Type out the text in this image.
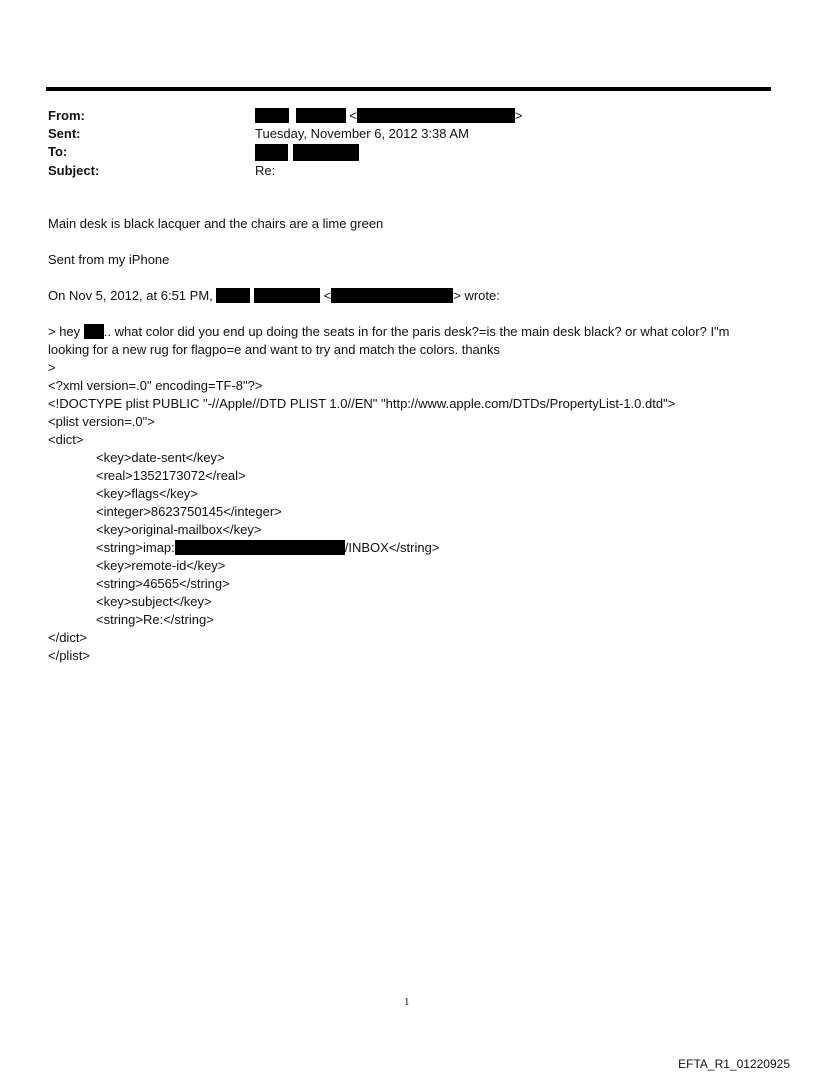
From:	<	>
Sent:	Tuesday, November 6, 2012 3:38 AM
To:

Subject:	Re:
Main desk is black lacquer and the chairs are a lime green
Sent from my iPhone
On Nov 5, 2012, at 6:51 PM,	<	> wrote:
> hey .. what color did you end up doing the seats in for the paris desk?=is the main desk black? or what color? I"m
looking for a new rug for flagpo=e and want to try and match the colors. thanks
>
<?xml version=.0" encoding=TF-8"?>
<!DOCTYPE plist PUBLIC "-//Apple//DTD PLIST 1.0//EN" "http://www.apple.com/DTDs/PropertyList-1.0.dtd">
<plist version=.0">
<dict>
<key>date-sent</key>
<real>1352173072</real>
<key>flags</key>
<integer>8623750145</integer>
<key>original-mailbox</key>
<string>imap:	/INBOX</string>
<key>remote-id</key>
<string>46565</string>
<key>subject</key>
<string>Re:</string>
</dict>
</plist>
1
EFTA_R1_01220925
